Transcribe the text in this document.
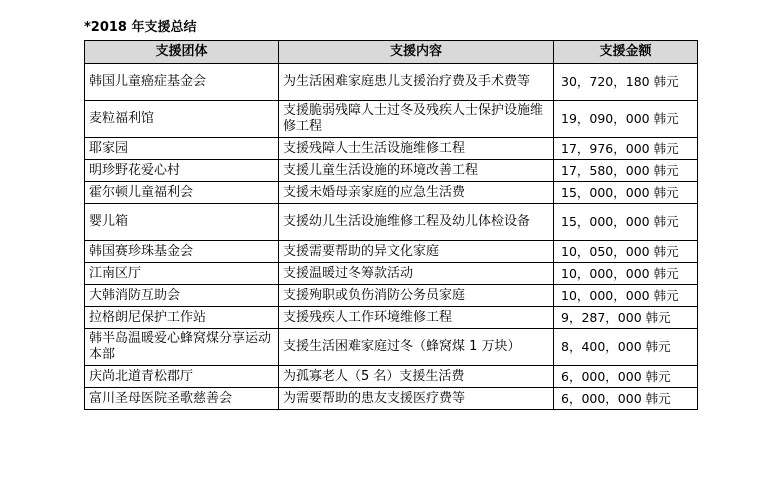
*2018 年支援总结
支援团体	支援内容	支援金额
韩国儿童癌症基金会	为生活困难家庭患儿支援治疗费及手术费等	30，720，180 韩元
麦粒福利馆	支援脆弱残障人士过冬及残疾人士保护设施维修工程	19，090，000 韩元
耶家园	支援残障人士生活设施维修工程	17，976，000 韩元
明珍野花爱心村	支援儿童生活设施的环境改善工程	17，580，000 韩元
霍尔顿儿童福利会	支援未婚母亲家庭的应急生活费	15，000，000 韩元
婴儿箱	支援幼儿生活设施维修工程及幼儿体检设备	15，000，000 韩元
韩国赛珍珠基金会	支援需要帮助的异文化家庭	10，050，000 韩元
江南区厅	支援温暖过冬筹款活动	10，000，000 韩元
大韩消防互助会	支援殉职或负伤消防公务员家庭	10，000，000 韩元
拉格朗尼保护工作站	支援残疾人工作环境维修工程	9，287，000 韩元
韩半岛温暖爱心蜂窝煤分享运动本部	支援生活困难家庭过冬（蜂窝煤 1 万块）	8，400，000 韩元
庆尚北道青松郡厅	为孤寡老人（5 名）支援生活费	6，000，000 韩元
富川圣母医院圣歌慈善会	为需要帮助的患友支援医疗费等	6，000，000 韩元
